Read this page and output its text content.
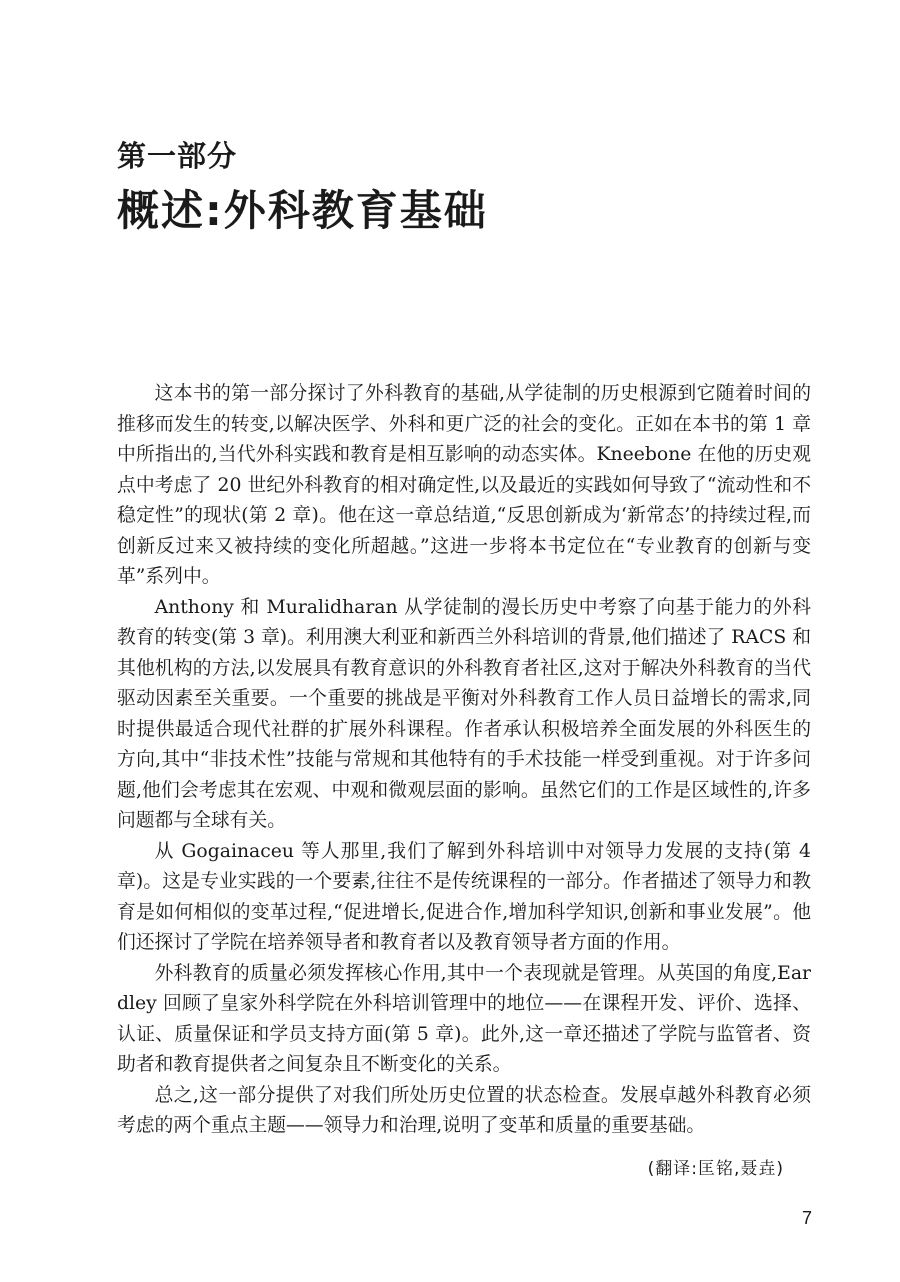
第一部分
概述:外科教育基础

这本书的第一部分探讨了外科教育的基础,从学徒制的历史根源到它随着时间的推移而发生的转变,以解决医学、外科和更广泛的社会的变化。正如在本书的第 1 章中所指出的,当代外科实践和教育是相互影响的动态实体。Kneebone 在他的历史观点中考虑了 20 世纪外科教育的相对确定性,以及最近的实践如何导致了“流动性和不稳定性”的现状(第 2 章)。他在这一章总结道,“反思创新成为‘新常态’的持续过程,而创新反过来又被持续的变化所超越。”这进一步将本书定位在“专业教育的创新与变革”系列中。

Anthony 和 Muralidharan 从学徒制的漫长历史中考察了向基于能力的外科教育的转变(第 3 章)。利用澳大利亚和新西兰外科培训的背景,他们描述了 RACS 和其他机构的方法,以发展具有教育意识的外科教育者社区,这对于解决外科教育的当代驱动因素至关重要。一个重要的挑战是平衡对外科教育工作人员日益增长的需求,同时提供最适合现代社群的扩展外科课程。作者承认积极培养全面发展的外科医生的方向,其中“非技术性”技能与常规和其他特有的手术技能一样受到重视。对于许多问题,他们会考虑其在宏观、中观和微观层面的影响。虽然它们的工作是区域性的,许多问题都与全球有关。

从 Gogainaceu 等人那里,我们了解到外科培训中对领导力发展的支持(第 4 章)。这是专业实践的一个要素,往往不是传统课程的一部分。作者描述了领导力和教育是如何相似的变革过程,“促进增长,促进合作,增加科学知识,创新和事业发展”。他们还探讨了学院在培养领导者和教育者以及教育领导者方面的作用。

外科教育的质量必须发挥核心作用,其中一个表现就是管理。从英国的角度,Eardley 回顾了皇家外科学院在外科培训管理中的地位——在课程开发、评价、选择、认证、质量保证和学员支持方面(第 5 章)。此外,这一章还描述了学院与监管者、资助者和教育提供者之间复杂且不断变化的关系。

总之,这一部分提供了对我们所处历史位置的状态检查。发展卓越外科教育必须考虑的两个重点主题——领导力和治理,说明了变革和质量的重要基础。

(翻译:匡铭,聂垚)
7
